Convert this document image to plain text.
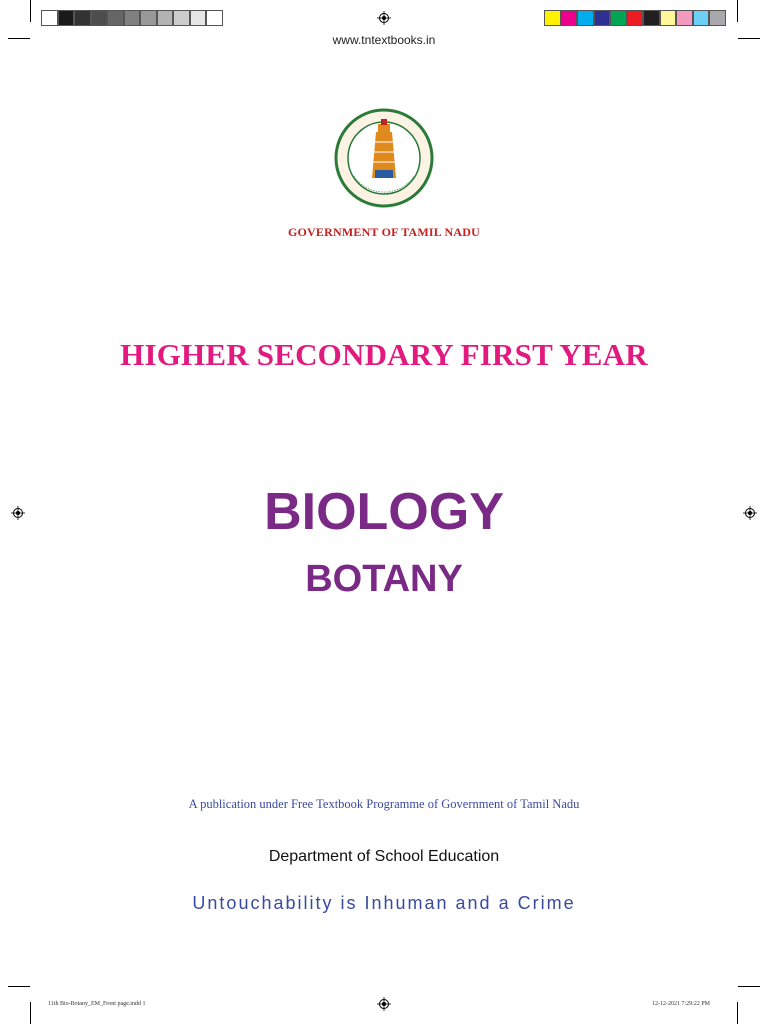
www.tntextbooks.in
GOVERNMENT OF TAMIL NADU
HIGHER SECONDARY FIRST YEAR
BIOLOGY
BOTANY
A publication under Free Textbook Programme of Government of Tamil Nadu
Department of School Education
Untouchability is Inhuman and a Crime
11th Bio-Botany_EM_Front page.indd 1	12-12-2021 7:29:22 PM
